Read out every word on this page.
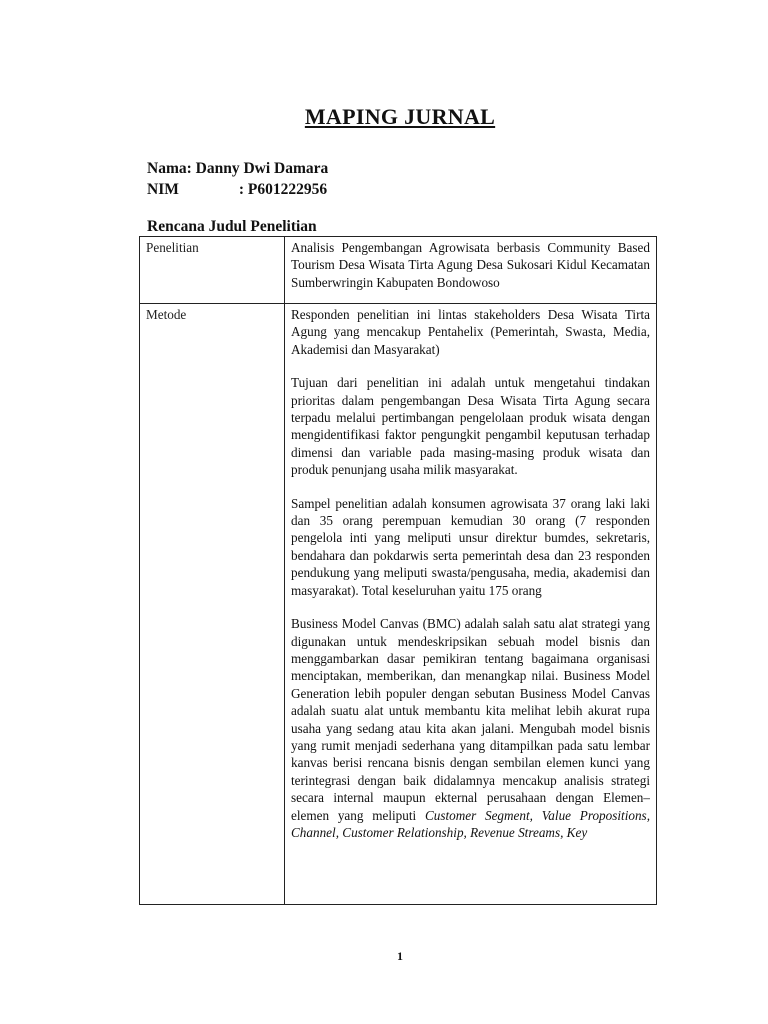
MAPING JURNAL
Nama: Danny Dwi Damara
NIM	: P601222956
Rencana Judul Penelitian
Penelitian	Analisis Pengembangan Agrowisata berbasis Community Based Tourism Desa Wisata Tirta Agung Desa Sukosari Kidul Kecamatan Sumberwringin Kabupaten Bondowoso

Metode	Responden penelitian ini lintas stakeholders Desa Wisata Tirta Agung yang mencakup Pentahelix (Pemerintah, Swasta, Media, Akademisi dan Masyarakat)

Tujuan dari penelitian ini adalah untuk mengetahui tindakan prioritas dalam pengembangan Desa Wisata Tirta Agung secara terpadu melalui pertimbangan pengelolaan produk wisata dengan mengidentifikasi faktor pengungkit pengambil keputusan terhadap dimensi dan variable pada masing-masing produk wisata dan produk penunjang usaha milik masyarakat.

Sampel penelitian adalah konsumen agrowisata 37 orang laki laki dan 35 orang perempuan kemudian 30 orang (7 responden pengelola inti yang meliputi unsur direktur bumdes, sekretaris, bendahara dan pokdarwis serta pemerintah desa dan 23 responden pendukung yang meliputi swasta/pengusaha, media, akademisi dan masyarakat). Total keseluruhan yaitu 175 orang

Business Model Canvas (BMC) adalah salah satu alat strategi yang digunakan untuk mendeskripsikan sebuah model bisnis dan menggambarkan dasar pemikiran tentang bagaimana organisasi menciptakan, memberikan, dan menangkap nilai. Business Model Generation lebih populer dengan sebutan Business Model Canvas adalah suatu alat untuk membantu kita melihat lebih akurat rupa usaha yang sedang atau kita akan jalani. Mengubah model bisnis yang rumit menjadi sederhana yang ditampilkan pada satu lembar kanvas berisi rencana bisnis dengan sembilan elemen kunci yang terintegrasi dengan baik didalamnya mencakup analisis strategi secara internal maupun ekternal perusahaan dengan Elemen–elemen yang meliputi Customer Segment, Value Propositions, Channel, Customer Relationship, Revenue Streams, Key

1
